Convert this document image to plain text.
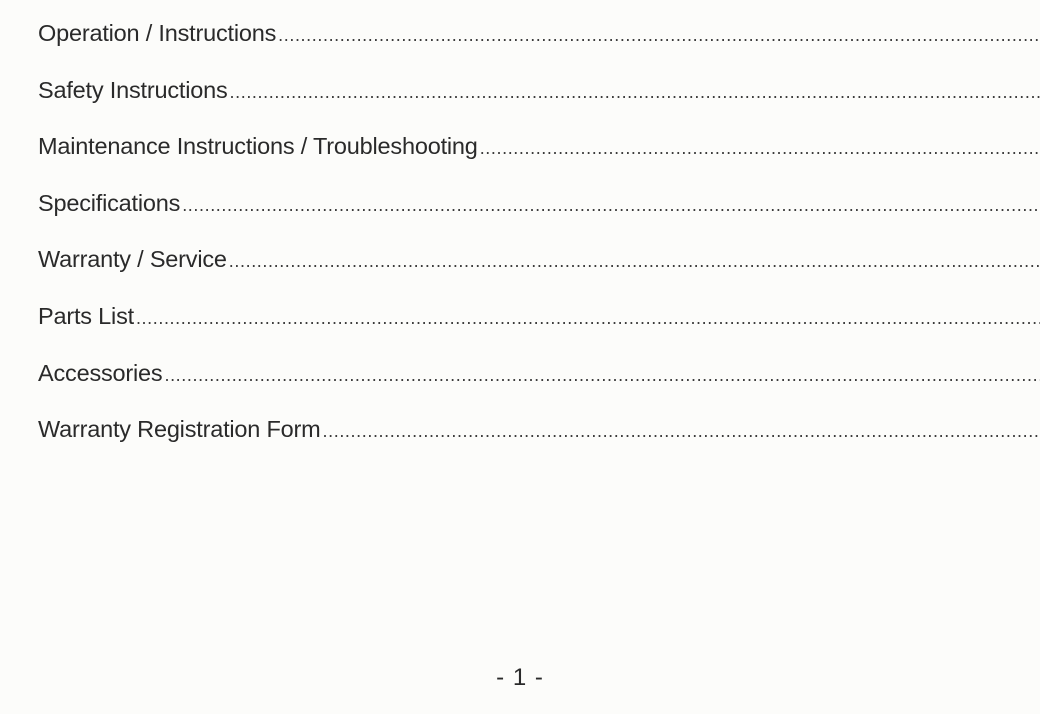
Operation / Instructions
.....
Safety Instructions
.....
Maintenance Instructions / Troubleshooting
.....
Specifications
.....
Warranty / Service
.....
Parts List
.....
Accessories
.....
Warranty Registration Form
.....
- 1 -
